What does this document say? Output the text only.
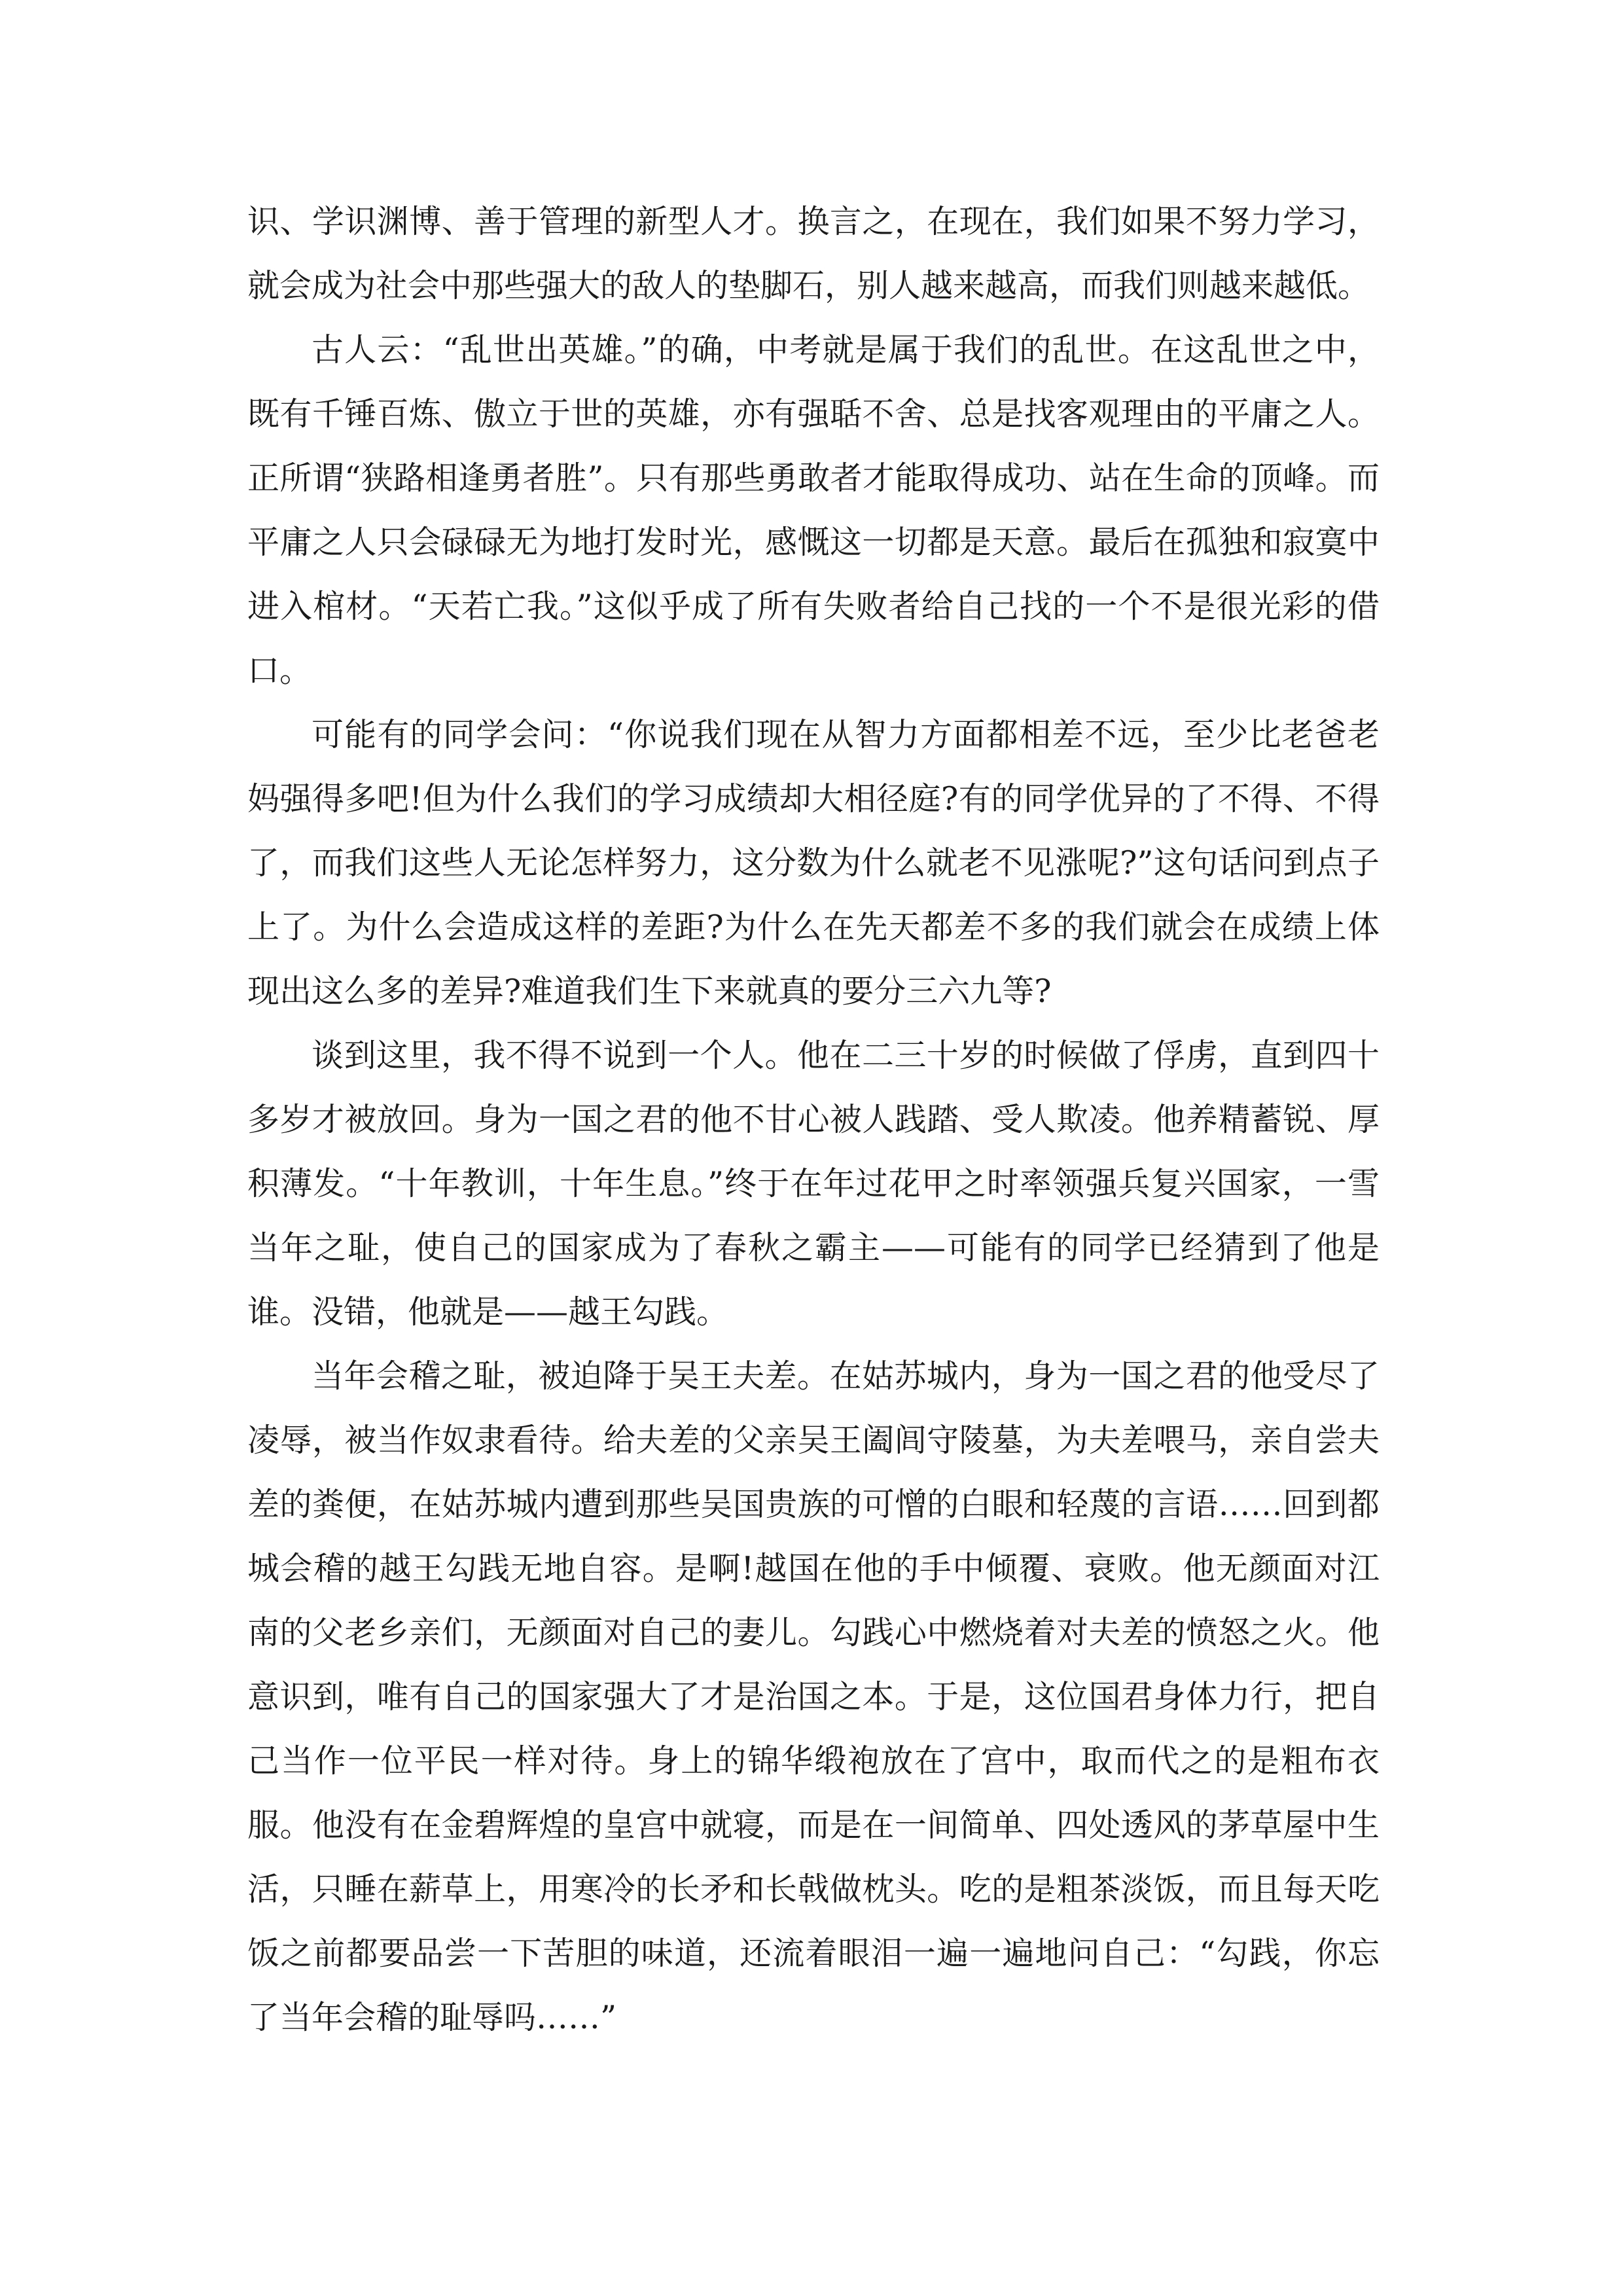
识、学识渊博、善于管理的新型人才。换言之，在现在，我们如果不努力学习，就会成为社会中那些强大的敌人的垫脚石，别人越来越高，而我们则越来越低。

古人云：“乱世出英雄。”的确，中考就是属于我们的乱世。在这乱世之中，既有千锤百炼、傲立于世的英雄，亦有强聒不舍、总是找客观理由的平庸之人。正所谓“狭路相逢勇者胜”。只有那些勇敢者才能取得成功、站在生命的顶峰。而平庸之人只会碌碌无为地打发时光，感慨这一切都是天意。最后在孤独和寂寞中进入棺材。“天若亡我。”这似乎成了所有失败者给自己找的一个不是很光彩的借口。

可能有的同学会问：“你说我们现在从智力方面都相差不远，至少比老爸老妈强得多吧!但为什么我们的学习成绩却大相径庭?有的同学优异的了不得、不得了，而我们这些人无论怎样努力，这分数为什么就老不见涨呢?”这句话问到点子上了。为什么会造成这样的差距?为什么在先天都差不多的我们就会在成绩上体现出这么多的差异?难道我们生下来就真的要分三六九等?

谈到这里，我不得不说到一个人。他在二三十岁的时候做了俘虏，直到四十多岁才被放回。身为一国之君的他不甘心被人践踏、受人欺凌。他养精蓄锐、厚积薄发。“十年教训，十年生息。”终于在年过花甲之时率领强兵复兴国家，一雪当年之耻，使自己的国家成为了春秋之霸主——可能有的同学已经猜到了他是谁。没错，他就是——越王勾践。

当年会稽之耻，被迫降于吴王夫差。在姑苏城内，身为一国之君的他受尽了凌辱，被当作奴隶看待。给夫差的父亲吴王阖闾守陵墓，为夫差喂马，亲自尝夫差的粪便，在姑苏城内遭到那些吴国贵族的可憎的白眼和轻蔑的言语……回到都城会稽的越王勾践无地自容。是啊!越国在他的手中倾覆、衰败。他无颜面对江南的父老乡亲们，无颜面对自己的妻儿。勾践心中燃烧着对夫差的愤怒之火。他意识到，唯有自己的国家强大了才是治国之本。于是，这位国君身体力行，把自己当作一位平民一样对待。身上的锦华缎袍放在了宫中，取而代之的是粗布衣服。他没有在金碧辉煌的皇宫中就寝，而是在一间简单、四处透风的茅草屋中生活，只睡在薪草上，用寒冷的长矛和长戟做枕头。吃的是粗茶淡饭，而且每天吃饭之前都要品尝一下苦胆的味道，还流着眼泪一遍一遍地问自己：“勾践，你忘了当年会稽的耻辱吗……”
